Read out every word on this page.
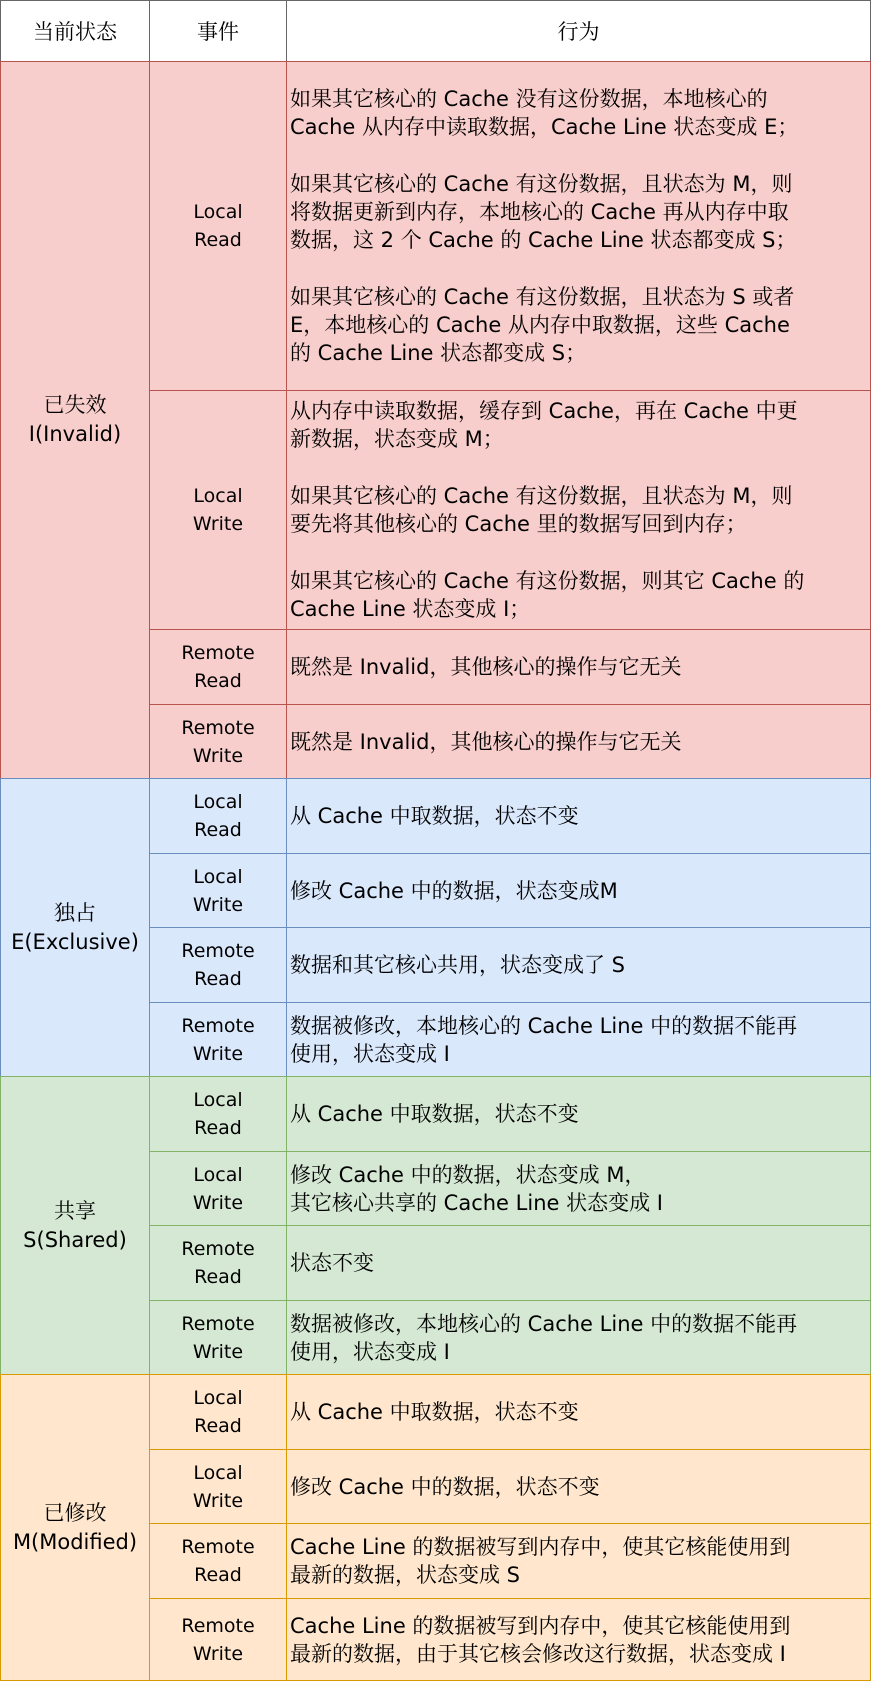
当前状态	事件	行为
已失效
I(Invalid)
Local
Read
如果其它核心的 Cache 没有这份数据，本地核心的
Cache 从内存中读取数据，Cache Line 状态变成 E；
如果其它核心的 Cache 有这份数据，且状态为 M，则
将数据更新到内存，本地核心的 Cache 再从内存中取
数据，这 2 个 Cache 的 Cache Line 状态都变成 S；
如果其它核心的 Cache 有这份数据，且状态为 S 或者
E，本地核心的 Cache 从内存中取数据，这些 Cache
的 Cache Line 状态都变成 S；
Local
Write
从内存中读取数据，缓存到 Cache，再在 Cache 中更
新数据，状态变成 M；
如果其它核心的 Cache 有这份数据，且状态为 M，则
要先将其他核心的 Cache 里的数据写回到内存；
如果其它核心的 Cache 有这份数据，则其它 Cache 的
Cache Line 状态变成 I；
Remote
Read
既然是 Invalid，其他核心的操作与它无关
Remote
Write
既然是 Invalid，其他核心的操作与它无关
独占
E(Exclusive)
Local
Read
从 Cache 中取数据，状态不变
Local
Write
修改 Cache 中的数据，状态变成M
Remote
Read
数据和其它核心共用，状态变成了 S
Remote
Write
数据被修改，本地核心的 Cache Line 中的数据不能再
使用，状态变成 I
共享
S(Shared)
Local
Read
从 Cache 中取数据，状态不变
Local
Write
修改 Cache 中的数据，状态变成 M，
其它核心共享的 Cache Line 状态变成 I
Remote
Read
状态不变
Remote
Write
数据被修改，本地核心的 Cache Line 中的数据不能再
使用，状态变成 I
已修改
M(Modified)
Local
Read
从 Cache 中取数据，状态不变
Local
Write
修改 Cache 中的数据，状态不变
Remote
Read
Cache Line 的数据被写到内存中，使其它核能使用到
最新的数据，状态变成 S
Remote
Write
Cache Line 的数据被写到内存中，使其它核能使用到
最新的数据，由于其它核会修改这行数据，状态变成 I
